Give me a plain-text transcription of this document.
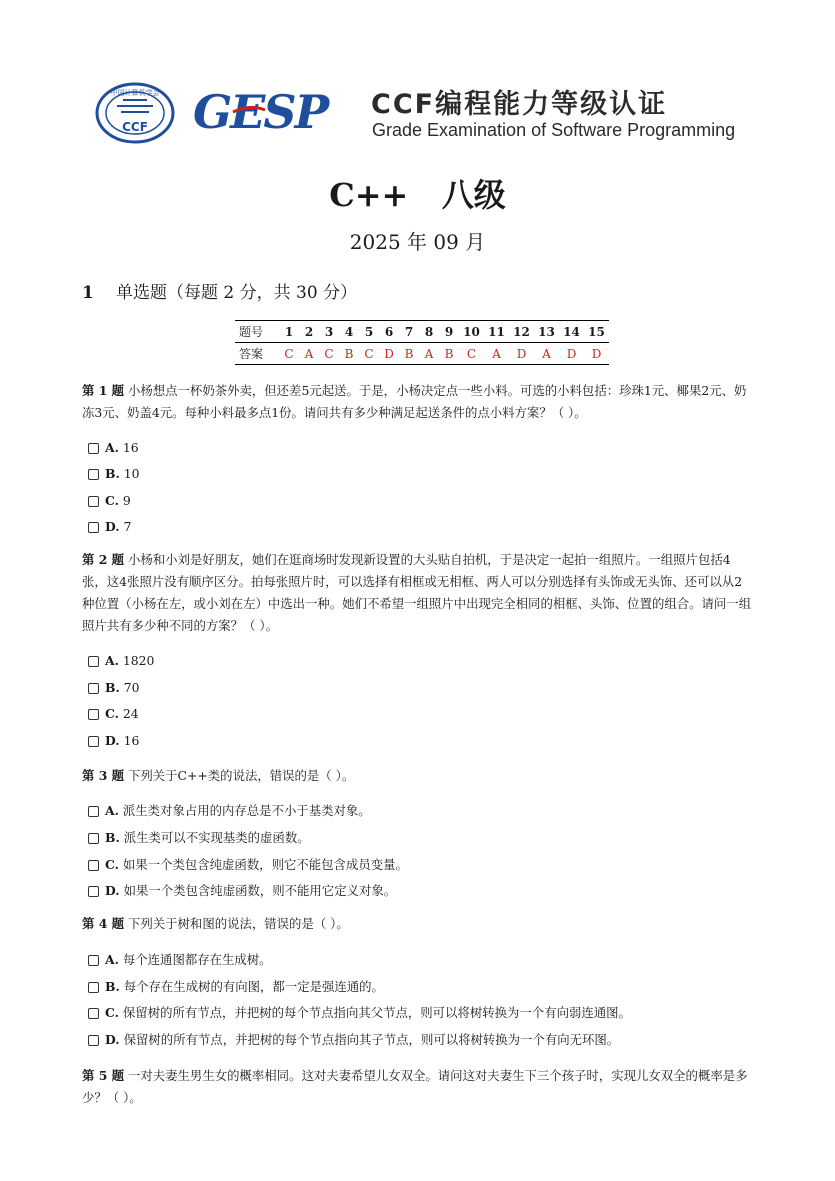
中国计算机学会
CCF GESP CCF编程能力等级认证
Grade Examination of Software Programming
C++   八级
2025 年 09 月
1 单选题（每题 2 分，共 30 分）
题号	1	2	3	4	5	6	7	8	9	10	11	12	13	14	15
答案	C	A	C	B	C	D	B	A	B	C	A	D	A	D	D
第 1 题 小杨想点一杯奶茶外卖，但还差5元起送。于是，小杨决定点一些小料。可选的小料包括：珍珠1元、椰果2元、奶冻3元、奶盖4元。每种小料最多点1份。请问共有多少种满足起送条件的点小料方案？（ ）。
A. 16
B. 10
C. 9
D. 7
第 2 题 小杨和小刘是好朋友，她们在逛商场时发现新设置的大头贴自拍机，于是决定一起拍一组照片。一组照片包括4张，这4张照片没有顺序区分。拍每张照片时，可以选择有相框或无相框、两人可以分别选择有头饰或无头饰、还可以从2种位置（小杨在左，或小刘在左）中选出一种。她们不希望一组照片中出现完全相同的相框、头饰、位置的组合。请问一组照片共有多少种不同的方案？（ ）。
A. 1820
B. 70
C. 24
D. 16
第 3 题 下列关于C++类的说法，错误的是（ ）。
A. 派生类对象占用的内存总是不小于基类对象。
B. 派生类可以不实现基类的虚函数。
C. 如果一个类包含纯虚函数，则它不能包含成员变量。
D. 如果一个类包含纯虚函数，则不能用它定义对象。
第 4 题 下列关于树和图的说法，错误的是（ ）。
A. 每个连通图都存在生成树。
B. 每个存在生成树的有向图，都一定是强连通的。
C. 保留树的所有节点，并把树的每个节点指向其父节点，则可以将树转换为一个有向弱连通图。
D. 保留树的所有节点，并把树的每个节点指向其子节点，则可以将树转换为一个有向无环图。
第 5 题 一对夫妻生男生女的概率相同。这对夫妻希望儿女双全。请问这对夫妻生下三个孩子时，实现儿女双全的概率是多少？（ ）。
